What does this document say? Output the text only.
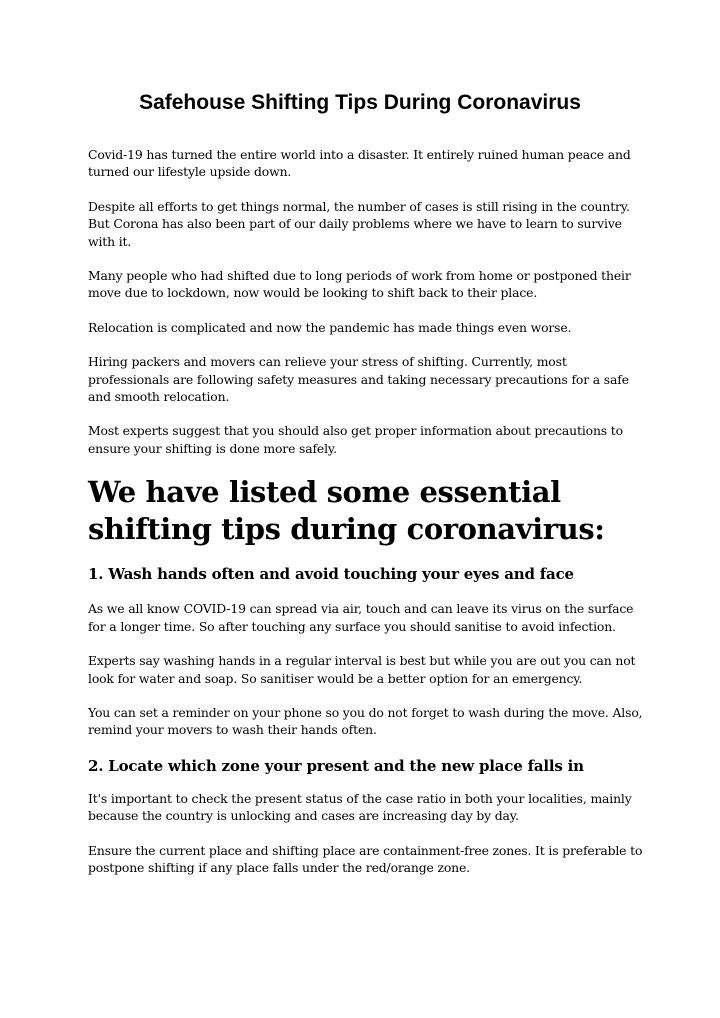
Safehouse Shifting Tips During Coronavirus

Covid-19 has turned the entire world into a disaster. It entirely ruined human peace and turned our lifestyle upside down.

Despite all efforts to get things normal, the number of cases is still rising in the country. But Corona has also been part of our daily problems where we have to learn to survive with it.

Many people who had shifted due to long periods of work from home or postponed their move due to lockdown, now would be looking to shift back to their place.

Relocation is complicated and now the pandemic has made things even worse.

Hiring packers and movers can relieve your stress of shifting. Currently, most professionals are following safety measures and taking necessary precautions for a safe and smooth relocation.

Most experts suggest that you should also get proper information about precautions to ensure your shifting is done more safely.

We have listed some essential shifting tips during coronavirus:
1. Wash hands often and avoid touching your eyes and face

As we all know COVID-19 can spread via air, touch and can leave its virus on the surface for a longer time. So after touching any surface you should sanitise to avoid infection.

Experts say washing hands in a regular interval is best but while you are out you can not look for water and soap. So sanitiser would be a better option for an emergency.

You can set a reminder on your phone so you do not forget to wash during the move. Also, remind your movers to wash their hands often.

2. Locate which zone your present and the new place falls in

It's important to check the present status of the case ratio in both your localities, mainly because the country is unlocking and cases are increasing day by day.

Ensure the current place and shifting place are containment-free zones. It is preferable to postpone shifting if any place falls under the red/orange zone.
